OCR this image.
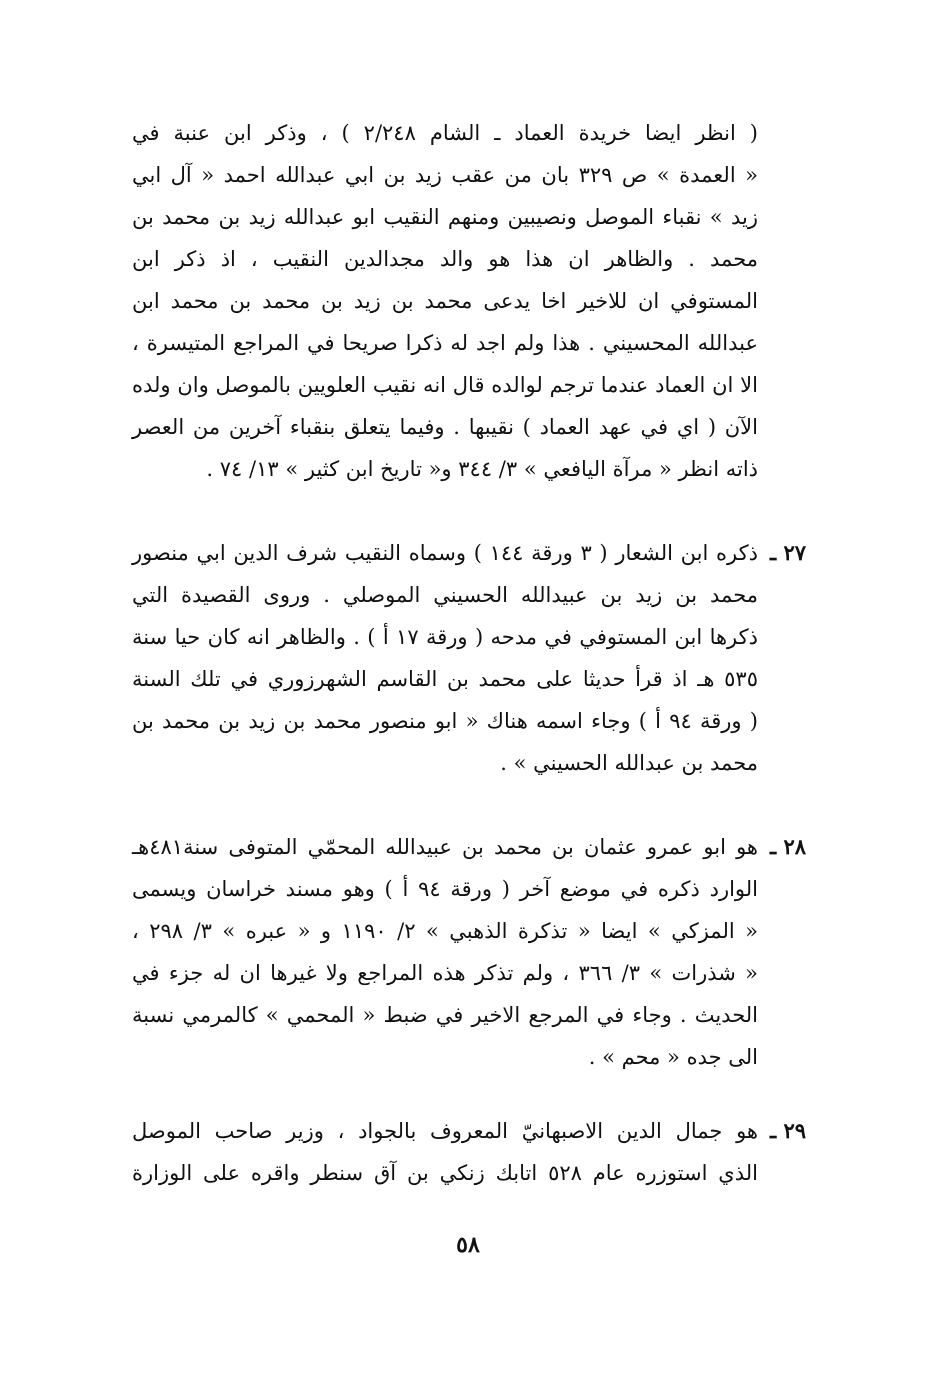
( انظر ايضا خريدة العماد ـ الشام ٢/٢٤٨ ) ، وذكر ابن عنبة في
« العمدة » ص ٣٢٩ بان من عقب زيد بن ابي عبدالله احمد « آل ابي
زيد » نقباء الموصل ونصيبين ومنهم النقيب ابو عبدالله زيد بن محمد بن
محمد . والظاهر ان هذا هو والد مجدالدين النقيب ، اذ ذكر ابن
المستوفي ان للاخير اخا يدعى محمد بن زيد بن محمد بن محمد ابن
عبدالله المحسيني . هذا ولم اجد له ذكرا صريحا في المراجع المتيسرة ،
الا ان العماد عندما ترجم لوالده قال انه نقيب العلويين بالموصل وان ولده
الآن ( اي في عهد العماد ) نقيبها . وفيما يتعلق بنقباء آخرين من العصر
ذاته انظر « مرآة اليافعي » ٣/ ٣٤٤ و« تاريخ ابن كثير » ١٣/ ٧٤ .
٢٧ ـ
ذكره ابن الشعار ( ٣ ورقة ١٤٤ ) وسماه النقيب شرف الدين ابي منصور
محمد بن زيد بن عبيدالله الحسيني الموصلي . وروى القصيدة التي
ذكرها ابن المستوفي في مدحه ( ورقة ١٧ أ ) . والظاهر انه كان حيا سنة
٥٣٥ هـ اذ قرأ حديثا على محمد بن القاسم الشهرزوري في تلك السنة
( ورقة ٩٤ أ ) وجاء اسمه هناك « ابو منصور محمد بن زيد بن محمد بن
محمد بن عبدالله الحسيني » .
٢٨ ـ
هو ابو عمرو عثمان بن محمد بن عبيدالله المحمّي المتوفى سنة٤٨١هـ
الوارد ذكره في موضع آخر ( ورقة ٩٤ أ ) وهو مسند خراسان ويسمى
« المزكي » ايضا « تذكرة الذهبي » ٢/ ١١٩٠ و « عبره » ٣/ ٢٩٨ ،
« شذرات » ٣/ ٣٦٦ ، ولم تذكر هذه المراجع ولا غيرها ان له جزء في
الحديث . وجاء في المرجع الاخير في ضبط « المحمي » كالمرمي نسبة
الى جده « محم » .
٢٩ ـ
هو جمال الدين الاصبهانيّ المعروف بالجواد ، وزير صاحب الموصل
الذي استوزره عام ٥٢٨ اتابك زنكي بن آق سنطر واقره على الوزارة
٥٨
